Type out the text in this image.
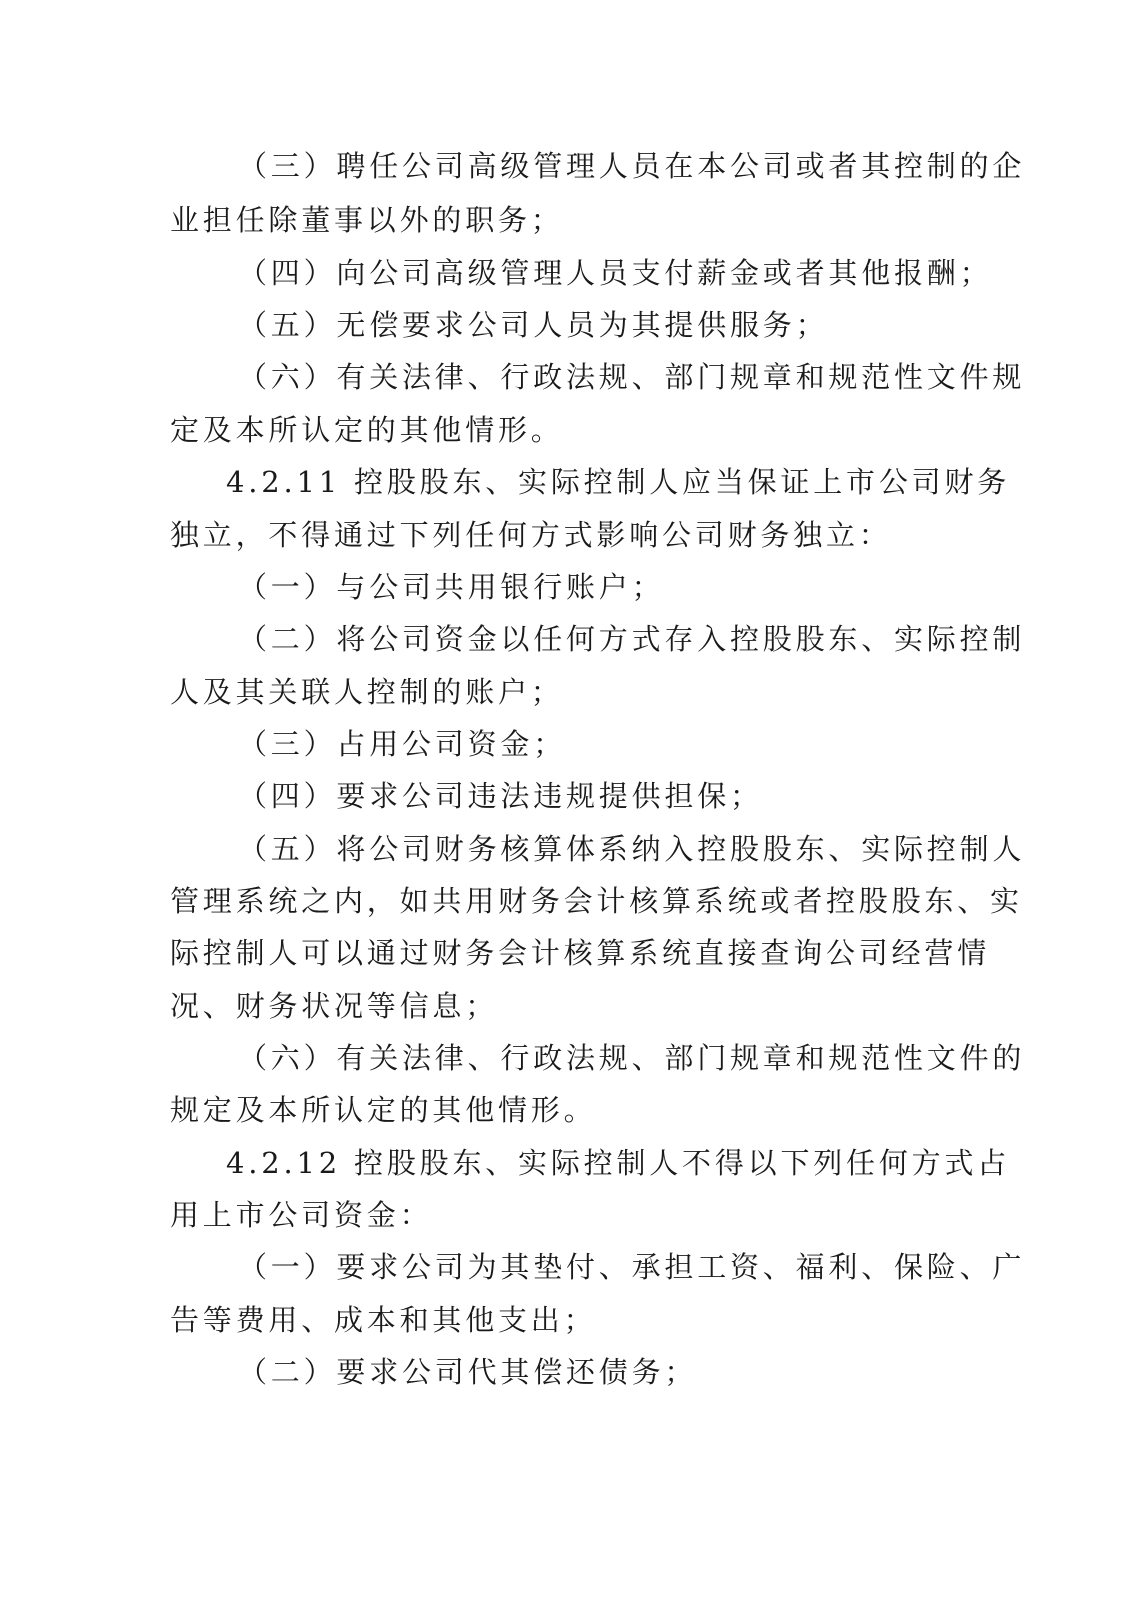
（三）聘任公司高级管理人员在本公司或者其控制的企
业担任除董事以外的职务；
（四）向公司高级管理人员支付薪金或者其他报酬；
（五）无偿要求公司人员为其提供服务；
（六）有关法律、行政法规、部门规章和规范性文件规
定及本所认定的其他情形。
4.2.11 控股股东、实际控制人应当保证上市公司财务
独立，不得通过下列任何方式影响公司财务独立：
（一）与公司共用银行账户；
（二）将公司资金以任何方式存入控股股东、实际控制
人及其关联人控制的账户；
（三）占用公司资金；
（四）要求公司违法违规提供担保；
（五）将公司财务核算体系纳入控股股东、实际控制人
管理系统之内，如共用财务会计核算系统或者控股股东、实
际控制人可以通过财务会计核算系统直接查询公司经营情
况、财务状况等信息；
（六）有关法律、行政法规、部门规章和规范性文件的
规定及本所认定的其他情形。
4.2.12 控股股东、实际控制人不得以下列任何方式占
用上市公司资金：
（一）要求公司为其垫付、承担工资、福利、保险、广
告等费用、成本和其他支出；
（二）要求公司代其偿还债务；
